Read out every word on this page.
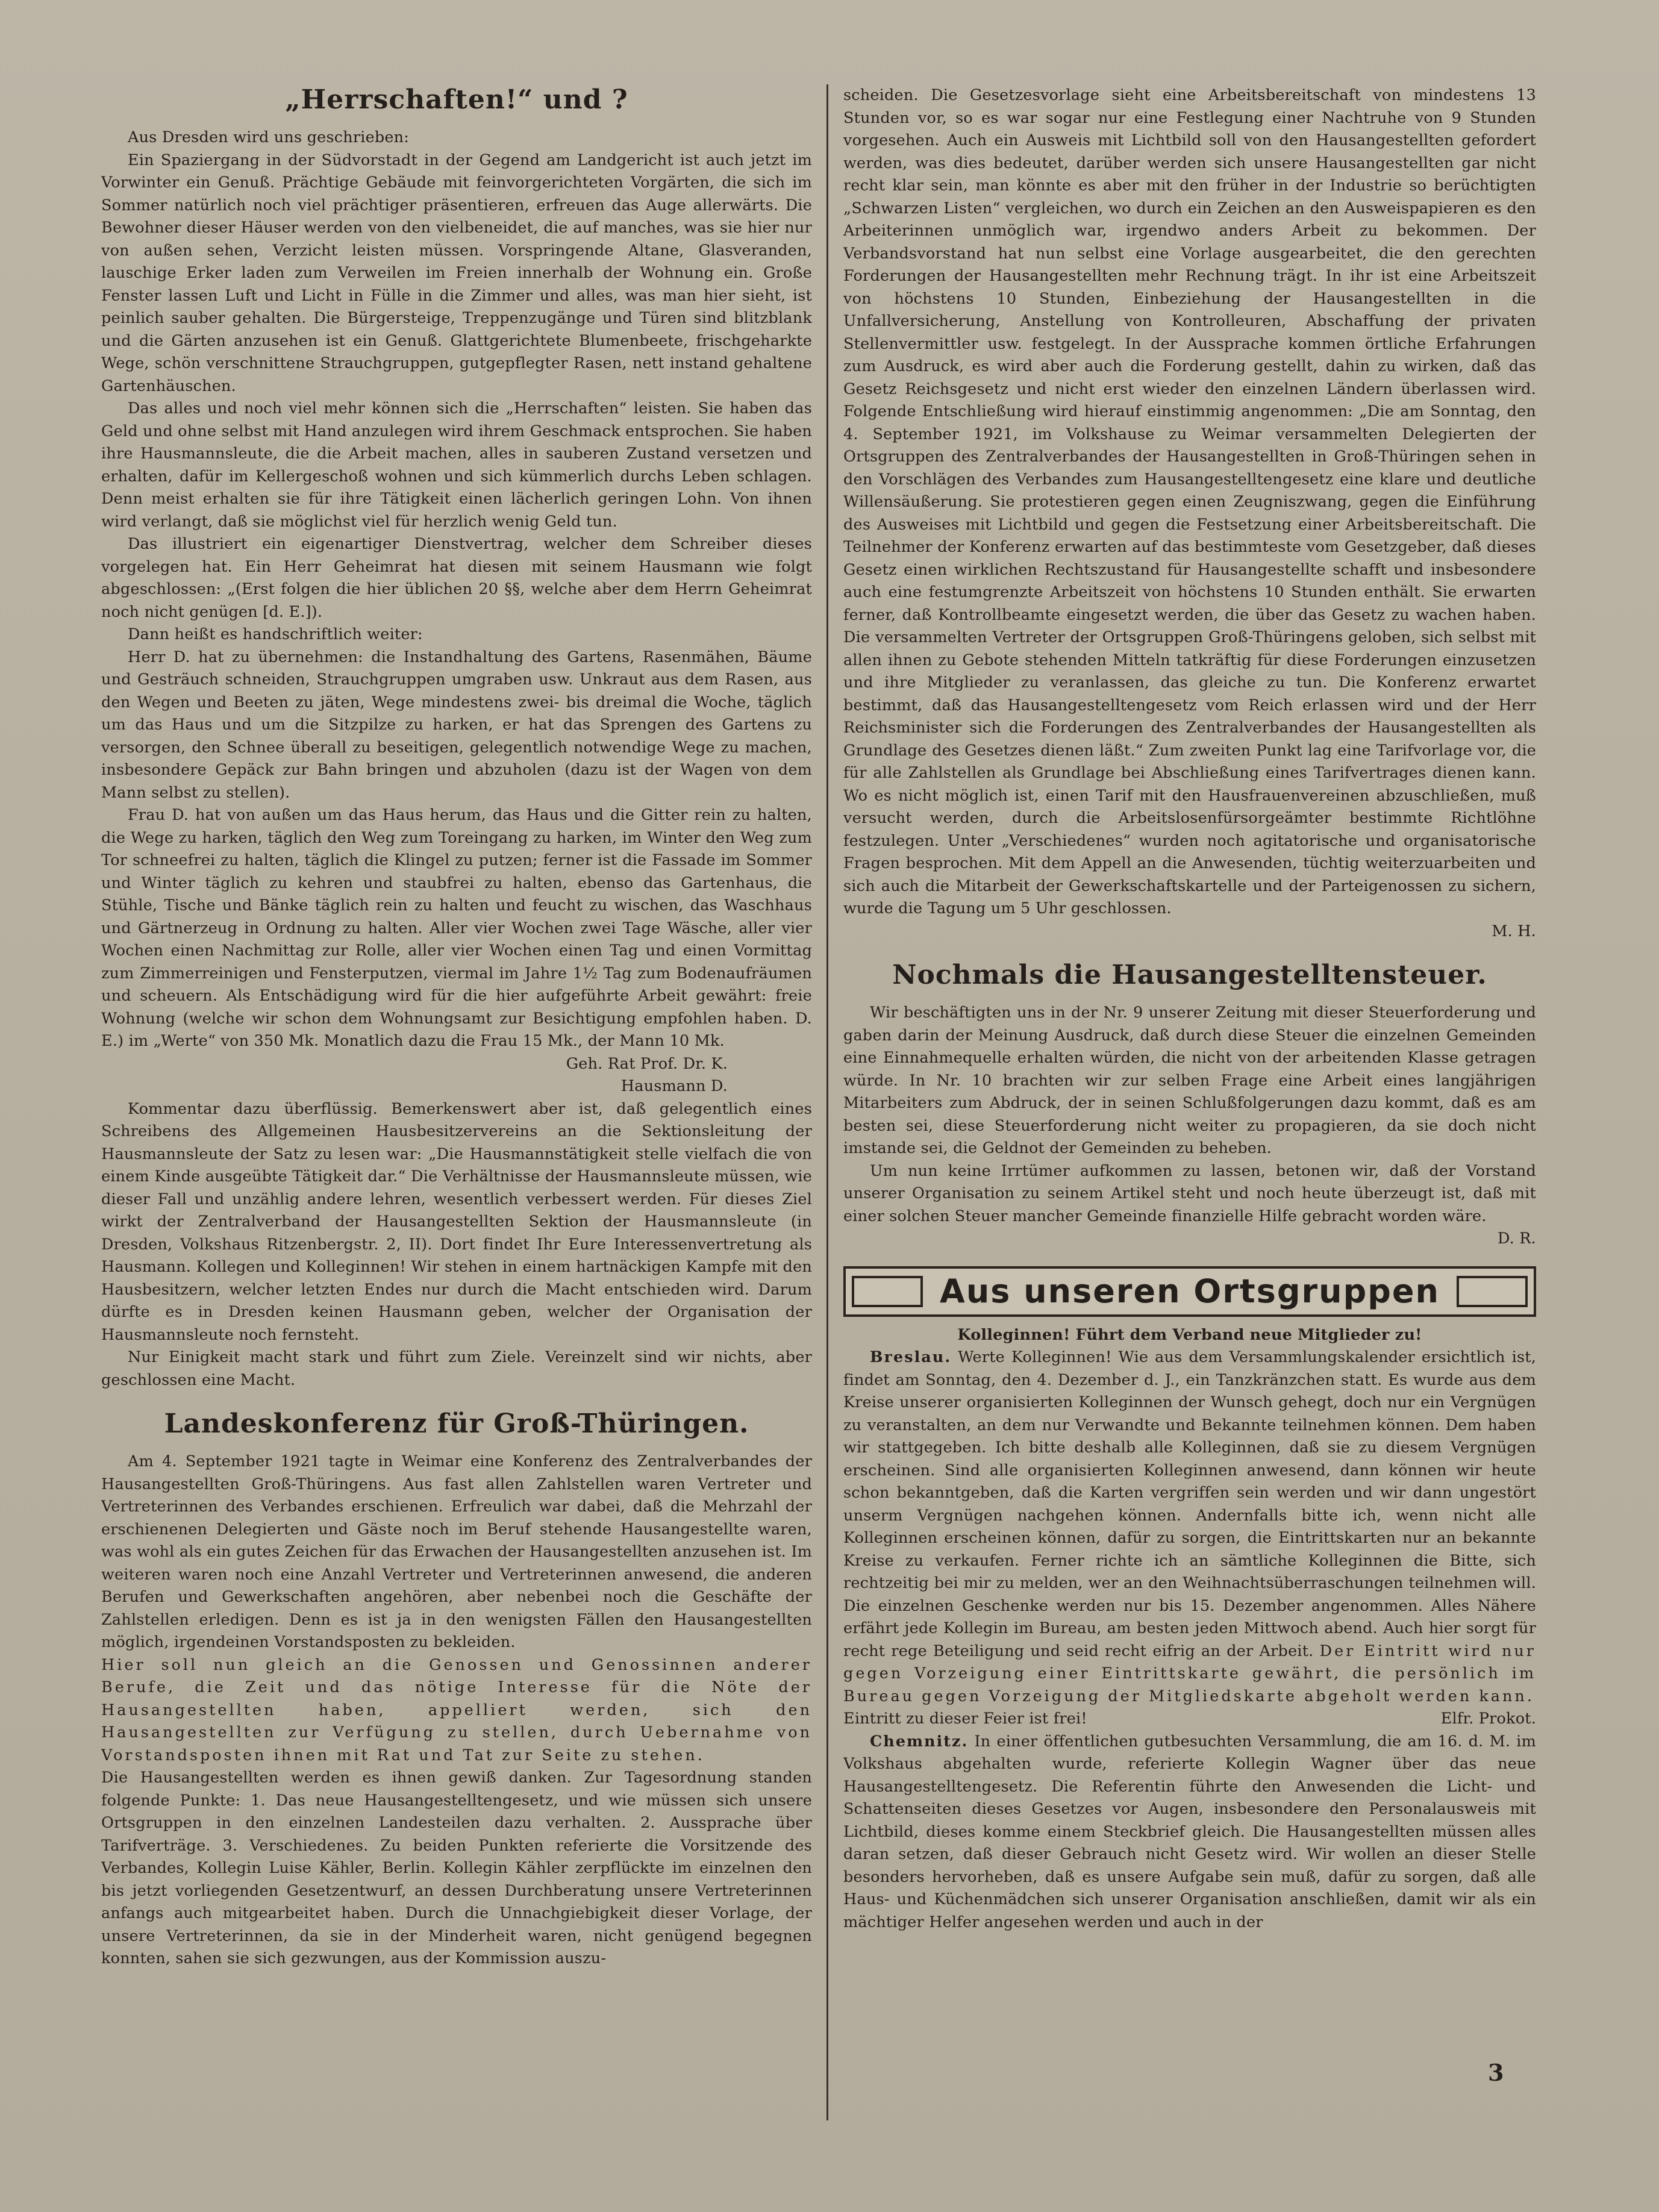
„Herrschaften!“ und ?

Aus Dresden wird uns geschrieben:

Ein Spaziergang in der Südvorstadt in der Gegend am Landgericht ist auch jetzt im Vorwinter ein Genuß. Prächtige Gebäude mit feinvorgerichteten Vorgärten, die sich im Sommer natürlich noch viel prächtiger präsentieren, erfreuen das Auge allerwärts. Die Bewohner dieser Häuser werden von den vielbeneidet, die auf manches, was sie hier nur von außen sehen, Verzicht leisten müssen. Vorspringende Altane, Glasveranden, lauschige Erker laden zum Verweilen im Freien innerhalb der Wohnung ein. Große Fenster lassen Luft und Licht in Fülle in die Zimmer und alles, was man hier sieht, ist peinlich sauber gehalten. Die Bürgersteige, Treppenzugänge und Türen sind blitzblank und die Gärten anzusehen ist ein Genuß. Glattgerichtete Blumenbeete, frischgeharkte Wege, schön verschnittene Strauchgruppen, gutgepflegter Rasen, nett instand gehaltene Gartenhäuschen.

Das alles und noch viel mehr können sich die „Herrschaften“ leisten. Sie haben das Geld und ohne selbst mit Hand anzulegen wird ihrem Geschmack entsprochen. Sie haben ihre Hausmannsleute, die die Arbeit machen, alles in sauberen Zustand versetzen und erhalten, dafür im Kellergeschoß wohnen und sich kümmerlich durchs Leben schlagen. Denn meist erhalten sie für ihre Tätigkeit einen lächerlich geringen Lohn. Von ihnen wird verlangt, daß sie möglichst viel für herzlich wenig Geld tun.

Das illustriert ein eigenartiger Dienstvertrag, welcher dem Schreiber dieses vorgelegen hat. Ein Herr Geheimrat hat diesen mit seinem Hausmann wie folgt abgeschlossen: „(Erst folgen die hier üblichen 20 §§, welche aber dem Herrn Geheimrat noch nicht genügen [d. E.]).

Dann heißt es handschriftlich weiter:

Herr D. hat zu übernehmen: die Instandhaltung des Gartens, Rasenmähen, Bäume und Gesträuch schneiden, Strauchgruppen umgraben usw. Unkraut aus dem Rasen, aus den Wegen und Beeten zu jäten, Wege mindestens zwei- bis dreimal die Woche, täglich um das Haus und um die Sitzpilze zu harken, er hat das Sprengen des Gartens zu versorgen, den Schnee überall zu beseitigen, gelegentlich notwendige Wege zu machen, insbesondere Gepäck zur Bahn bringen und abzuholen (dazu ist der Wagen von dem Mann selbst zu stellen).

Frau D. hat von außen um das Haus herum, das Haus und die Gitter rein zu halten, die Wege zu harken, täglich den Weg zum Toreingang zu harken, im Winter den Weg zum Tor schneefrei zu halten, täglich die Klingel zu putzen; ferner ist die Fassade im Sommer und Winter täglich zu kehren und staubfrei zu halten, ebenso das Gartenhaus, die Stühle, Tische und Bänke täglich rein zu halten und feucht zu wischen, das Waschhaus und Gärtnerzeug in Ordnung zu halten. Aller vier Wochen zwei Tage Wäsche, aller vier Wochen einen Nachmittag zur Rolle, aller vier Wochen einen Tag und einen Vormittag zum Zimmerreinigen und Fensterputzen, viermal im Jahre 1½ Tag zum Bodenaufräumen und scheuern. Als Entschädigung wird für die hier aufgeführte Arbeit gewährt: freie Wohnung (welche wir schon dem Wohnungsamt zur Besichtigung empfohlen haben. D. E.) im „Werte“ von 350 Mk. Monatlich dazu die Frau 15 Mk., der Mann 10 Mk.

Geh. Rat Prof. Dr. K.

Hausmann D.

Kommentar dazu überflüssig. Bemerkenswert aber ist, daß gelegentlich eines Schreibens des Allgemeinen Hausbesitzervereins an die Sektionsleitung der Hausmannsleute der Satz zu lesen war: „Die Hausmannstätigkeit stelle vielfach die von einem Kinde ausgeübte Tätigkeit dar.“ Die Verhältnisse der Hausmannsleute müssen, wie dieser Fall und unzählig andere lehren, wesentlich verbessert werden. Für dieses Ziel wirkt der Zentralverband der Hausangestellten Sektion der Hausmannsleute (in Dresden, Volkshaus Ritzenbergstr. 2, II). Dort findet Ihr Eure Interessenvertretung als Hausmann. Kollegen und Kolleginnen! Wir stehen in einem hartnäckigen Kampfe mit den Hausbesitzern, welcher letzten Endes nur durch die Macht entschieden wird. Darum dürfte es in Dresden keinen Hausmann geben, welcher der Organisation der Hausmannsleute noch fernsteht.

Nur Einigkeit macht stark und führt zum Ziele. Vereinzelt sind wir nichts, aber geschlossen eine Macht.

Landeskonferenz für Groß-Thüringen.

Am 4. September 1921 tagte in Weimar eine Konferenz des Zentralverbandes der Hausangestellten Groß-Thüringens. Aus fast allen Zahlstellen waren Vertreter und Vertreterinnen des Verbandes erschienen. Erfreulich war dabei, daß die Mehrzahl der erschienenen Delegierten und Gäste noch im Beruf stehende Hausangestellte waren, was wohl als ein gutes Zeichen für das Erwachen der Hausangestellten anzusehen ist. Im weiteren waren noch eine Anzahl Vertreter und Vertreterinnen anwesend, die anderen Berufen und Gewerkschaften angehören, aber nebenbei noch die Geschäfte der Zahlstellen erledigen. Denn es ist ja in den wenigsten Fällen den Hausangestellten möglich, irgendeinen Vorstandsposten zu bekleiden.

Hier soll nun gleich an die Genossen und Genossinnen anderer Berufe, die Zeit und das nötige Interesse für die Nöte der Hausangestellten haben, appelliert werden, sich den Hausangestellten zur Verfügung zu stellen, durch Uebernahme von Vorstandsposten ihnen mit Rat und Tat zur Seite zu stehen.

Die Hausangestellten werden es ihnen gewiß danken. Zur Tagesordnung standen folgende Punkte: 1. Das neue Hausangestelltengesetz, und wie müssen sich unsere Ortsgruppen in den einzelnen Landesteilen dazu verhalten. 2. Aussprache über Tarifverträge. 3. Verschiedenes. Zu beiden Punkten referierte die Vorsitzende des Verbandes, Kollegin Luise Kähler, Berlin. Kollegin Kähler zerpflückte im einzelnen den bis jetzt vorliegenden Gesetzentwurf, an dessen Durchberatung unsere Vertreterinnen anfangs auch mitgearbeitet haben. Durch die Unnachgiebigkeit dieser Vorlage, der unsere Vertreterinnen, da sie in der Minderheit waren, nicht genügend begegnen konnten, sahen sie sich gezwungen, aus der Kommission auszu-

scheiden. Die Gesetzesvorlage sieht eine Arbeitsbereitschaft von mindestens 13 Stunden vor, so es war sogar nur eine Festlegung einer Nachtruhe von 9 Stunden vorgesehen. Auch ein Ausweis mit Lichtbild soll von den Hausangestellten gefordert werden, was dies bedeutet, darüber werden sich unsere Hausangestellten gar nicht recht klar sein, man könnte es aber mit den früher in der Industrie so berüchtigten „Schwarzen Listen“ vergleichen, wo durch ein Zeichen an den Ausweispapieren es den Arbeiterinnen unmöglich war, irgendwo anders Arbeit zu bekommen. Der Verbandsvorstand hat nun selbst eine Vorlage ausgearbeitet, die den gerechten Forderungen der Hausangestellten mehr Rechnung trägt. In ihr ist eine Arbeitszeit von höchstens 10 Stunden, Einbeziehung der Hausangestellten in die Unfallversicherung, Anstellung von Kontrolleuren, Abschaffung der privaten Stellenvermittler usw. festgelegt. In der Aussprache kommen örtliche Erfahrungen zum Ausdruck, es wird aber auch die Forderung gestellt, dahin zu wirken, daß das Gesetz Reichsgesetz und nicht erst wieder den einzelnen Ländern überlassen wird. Folgende Entschließung wird hierauf einstimmig angenommen: „Die am Sonntag, den 4. September 1921, im Volkshause zu Weimar versammelten Delegierten der Ortsgruppen des Zentralverbandes der Hausangestellten in Groß-Thüringen sehen in den Vorschlägen des Verbandes zum Hausangestelltengesetz eine klare und deutliche Willensäußerung. Sie protestieren gegen einen Zeugniszwang, gegen die Einführung des Ausweises mit Lichtbild und gegen die Festsetzung einer Arbeitsbereitschaft. Die Teilnehmer der Konferenz erwarten auf das bestimmteste vom Gesetzgeber, daß dieses Gesetz einen wirklichen Rechtszustand für Hausangestellte schafft und insbesondere auch eine festumgrenzte Arbeitszeit von höchstens 10 Stunden enthält. Sie erwarten ferner, daß Kontrollbeamte eingesetzt werden, die über das Gesetz zu wachen haben. Die versammelten Vertreter der Ortsgruppen Groß-Thüringens geloben, sich selbst mit allen ihnen zu Gebote stehenden Mitteln tatkräftig für diese Forderungen einzusetzen und ihre Mitglieder zu veranlassen, das gleiche zu tun. Die Konferenz erwartet bestimmt, daß das Hausangestelltengesetz vom Reich erlassen wird und der Herr Reichsminister sich die Forderungen des Zentralverbandes der Hausangestellten als Grundlage des Gesetzes dienen läßt.“ Zum zweiten Punkt lag eine Tarifvorlage vor, die für alle Zahlstellen als Grundlage bei Abschließung eines Tarifvertrages dienen kann. Wo es nicht möglich ist, einen Tarif mit den Hausfrauenvereinen abzuschließen, muß versucht werden, durch die Arbeitslosenfürsorgeämter bestimmte Richtlöhne festzulegen. Unter „Verschiedenes“ wurden noch agitatorische und organisatorische Fragen besprochen. Mit dem Appell an die Anwesenden, tüchtig weiterzuarbeiten und sich auch die Mitarbeit der Gewerkschaftskartelle und der Parteigenossen zu sichern, wurde die Tagung um 5 Uhr geschlossen.

M. H.

Nochmals die Hausangestelltensteuer.

Wir beschäftigten uns in der Nr. 9 unserer Zeitung mit dieser Steuerforderung und gaben darin der Meinung Ausdruck, daß durch diese Steuer die einzelnen Gemeinden eine Einnahmequelle erhalten würden, die nicht von der arbeitenden Klasse getragen würde. In Nr. 10 brachten wir zur selben Frage eine Arbeit eines langjährigen Mitarbeiters zum Abdruck, der in seinen Schlußfolgerungen dazu kommt, daß es am besten sei, diese Steuerforderung nicht weiter zu propagieren, da sie doch nicht imstande sei, die Geldnot der Gemeinden zu beheben.

Um nun keine Irrtümer aufkommen zu lassen, betonen wir, daß der Vorstand unserer Organisation zu seinem Artikel steht und noch heute überzeugt ist, daß mit einer solchen Steuer mancher Gemeinde finanzielle Hilfe gebracht worden wäre.

D. R.

Aus unseren Ortsgruppen

Kolleginnen! Führt dem Verband neue Mitglieder zu!

Breslau. Werte Kolleginnen! Wie aus dem Versammlungskalender ersichtlich ist, findet am Sonntag, den 4. Dezember d. J., ein Tanzkränzchen statt. Es wurde aus dem Kreise unserer organisierten Kolleginnen der Wunsch gehegt, doch nur ein Vergnügen zu veranstalten, an dem nur Verwandte und Bekannte teilnehmen können. Dem haben wir stattgegeben. Ich bitte deshalb alle Kolleginnen, daß sie zu diesem Vergnügen erscheinen. Sind alle organisierten Kolleginnen anwesend, dann können wir heute schon bekanntgeben, daß die Karten vergriffen sein werden und wir dann ungestört unserm Vergnügen nachgehen können. Andernfalls bitte ich, wenn nicht alle Kolleginnen erscheinen können, dafür zu sorgen, die Eintrittskarten nur an bekannte Kreise zu verkaufen. Ferner richte ich an sämtliche Kolleginnen die Bitte, sich rechtzeitig bei mir zu melden, wer an den Weihnachtsüberraschungen teilnehmen will. Die einzelnen Geschenke werden nur bis 15. Dezember angenommen. Alles Nähere erfährt jede Kollegin im Bureau, am besten jeden Mittwoch abend. Auch hier sorgt für recht rege Beteiligung und seid recht eifrig an der Arbeit. Der Eintritt wird nur gegen Vorzeigung einer Eintrittskarte gewährt, die persönlich im Bureau gegen Vorzeigung der Mitgliedskarte abgeholt werden kann.

Eintritt zu dieser Feier ist frei!	Elfr. Prokot.

Chemnitz. In einer öffentlichen gutbesuchten Versammlung, die am 16. d. M. im Volkshaus abgehalten wurde, referierte Kollegin Wagner über das neue Hausangestelltengesetz. Die Referentin führte den Anwesenden die Licht- und Schattenseiten dieses Gesetzes vor Augen, insbesondere den Personalausweis mit Lichtbild, dieses komme einem Steckbrief gleich. Die Hausangestellten müssen alles daran setzen, daß dieser Gebrauch nicht Gesetz wird. Wir wollen an dieser Stelle besonders hervorheben, daß es unsere Aufgabe sein muß, dafür zu sorgen, daß alle Haus- und Küchenmädchen sich unserer Organisation anschließen, damit wir als ein mächtiger Helfer angesehen werden und auch in der

3
